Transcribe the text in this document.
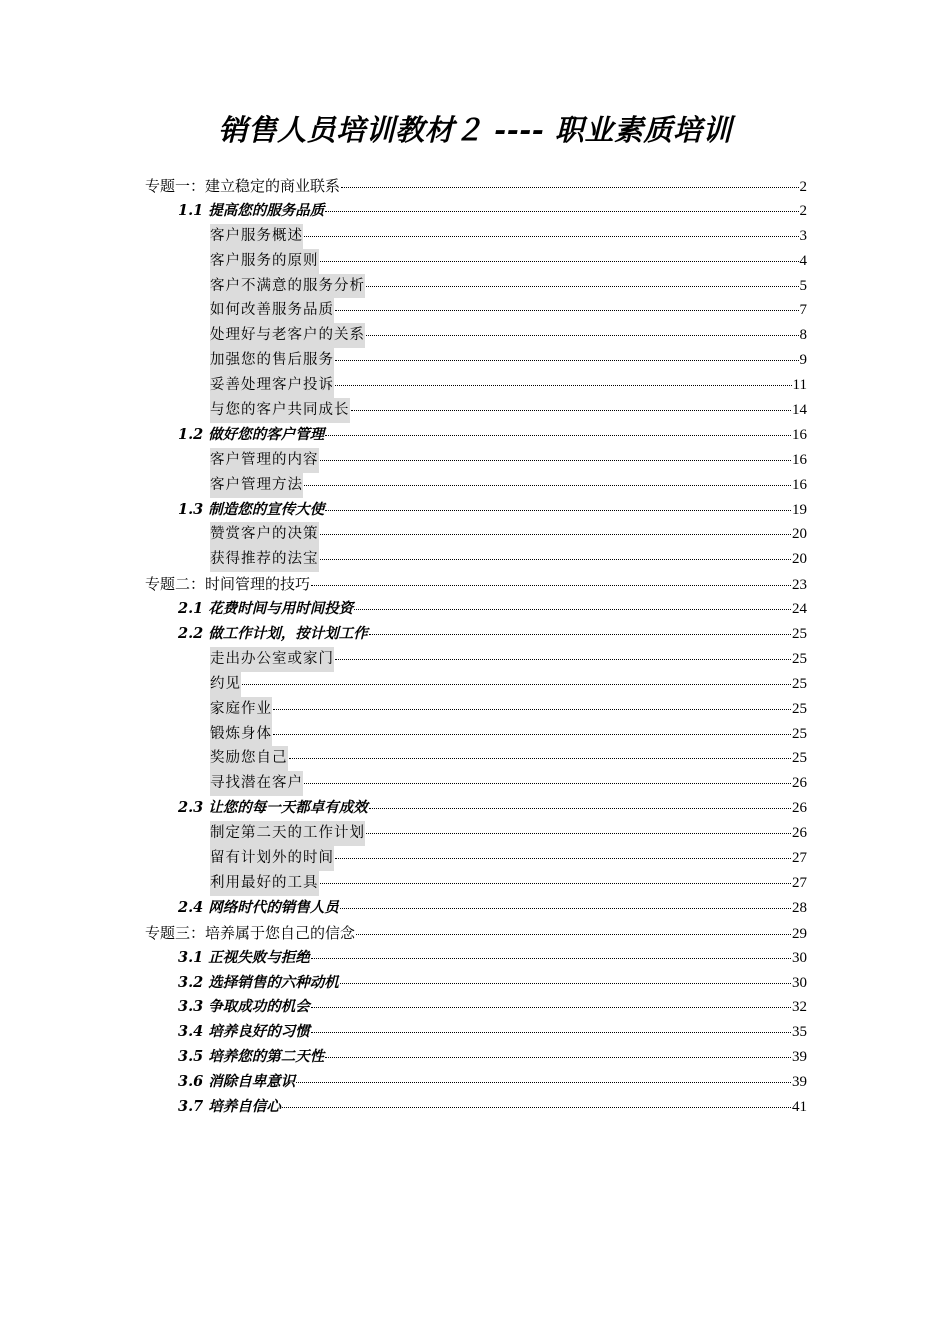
销售人员培训教材２ ---- 职业素质培训
专题一：建立稳定的商业联系	2
1.1 提高您的服务品质	2
客户服务概述	3
客户服务的原则	4
客户不满意的服务分析	5
如何改善服务品质	7
处理好与老客户的关系	8
加强您的售后服务	9
妥善处理客户投诉	11
与您的客户共同成长	14
1.2 做好您的客户管理	16
客户管理的内容	16
客户管理方法	16
1.3 制造您的宣传大使	19
赞赏客户的决策	20
获得推荐的法宝	20
专题二：时间管理的技巧	23
2.1 花费时间与用时间投资	24
2.2 做工作计划，按计划工作	25
走出办公室或家门	25
约见	25
家庭作业	25
锻炼身体	25
奖励您自己	25
寻找潜在客户	26
2.3 让您的每一天都卓有成效	26
制定第二天的工作计划	26
留有计划外的时间	27
利用最好的工具	27
2.4 网络时代的销售人员	28
专题三：培养属于您自己的信念	29
3.1 正视失败与拒绝	30
3.2 选择销售的六种动机	30
3.3 争取成功的机会	32
3.4 培养良好的习惯	35
3.5 培养您的第二天性	39
3.6 消除自卑意识	39
3.7 培养自信心	41
